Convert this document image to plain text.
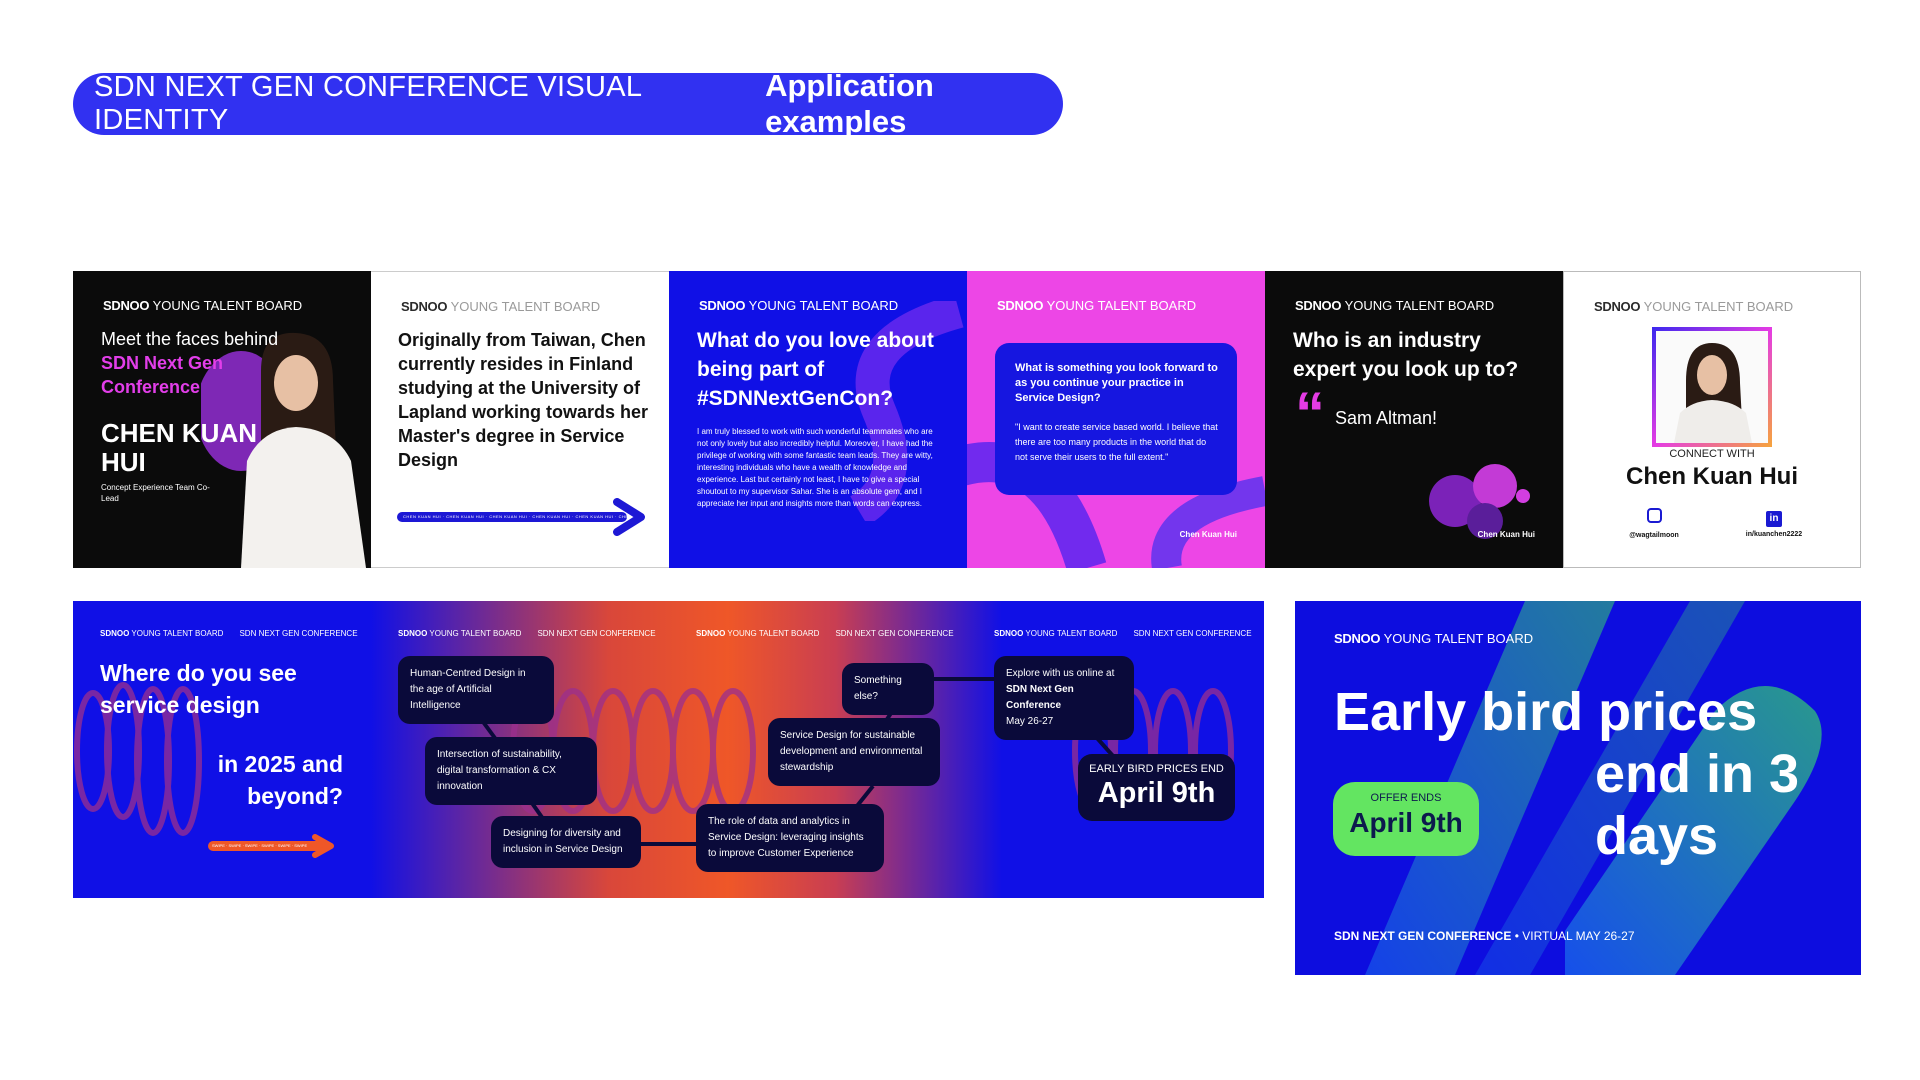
SDN NEXT GEN CONFERENCE VISUAL IDENTITY
Application examples
SDNOO YOUNG TALENT BOARD
Meet the faces behind
SDN Next Gen Conference
CHEN KUAN HUI
Concept Experience Team Co-Lead
SDNOO YOUNG TALENT BOARD
Originally from Taiwan, Chen currently resides in Finland studying at the University of Lapland working towards her Master's degree in Service Design
CHEN KUAN HUI · CHEN KUAN HUI · CHEN KUAN HUI · CHEN KUAN HUI · CHEN KUAN HUI · CHEN KUAN HUI
SDNOO YOUNG TALENT BOARD
What do you love about being part of #SDNNextGenCon?
I am truly blessed to work with such wonderful teammates who are not only lovely but also incredibly helpful. Moreover, I have had the privilege of working with some fantastic team leads. They are witty, interesting individuals who have a wealth of knowledge and experience. Last but certainly not least, I have to give a special shoutout to my supervisor Sahar. She is an absolute gem, and I appreciate her input and insights more than words can express.
SDNOO YOUNG TALENT BOARD
What is something you look forward to as you continue your practice in Service Design?
"I want to create service based world. I believe that there are too many products in the world that do not serve their users to the full extent."
Chen Kuan Hui
SDNOO YOUNG TALENT BOARD
Who is an industry expert you look up to?
“ Sam Altman!
Chen Kuan Hui
SDNOO YOUNG TALENT BOARD
CONNECT WITH
Chen Kuan Hui
@wagtailmoon
in
in/kuanchen2222
SDNOO YOUNG TALENT BOARD SDN NEXT GEN CONFERENCE	SDNOO YOUNG TALENT BOARD SDN NEXT GEN CONFERENCE	SDNOO YOUNG TALENT BOARD SDN NEXT GEN CONFERENCE	SDNOO YOUNG TALENT BOARD SDN NEXT GEN CONFERENCE
Where do you see service design
in 2025 and beyond?
SWIPE · SWIPE · SWIPE · SWIPE · SWIPE · SWIPE
Human-Centred Design in the age of Artificial Intelligence
Intersection of sustainability, digital transformation & CX innovation
Designing for diversity and inclusion in Service Design
The role of data and analytics in Service Design: leveraging insights to improve Customer Experience
Service Design for sustainable development and environmental stewardship
Something else?
Explore with us online at
SDN Next Gen Conference
May 26-27
EARLY BIRD PRICES END
April 9th
SDNOO YOUNG TALENT BOARD
Early bird prices
end in 3 days
OFFER ENDS
April 9th
SDN NEXT GEN CONFERENCE • VIRTUAL MAY 26-27
